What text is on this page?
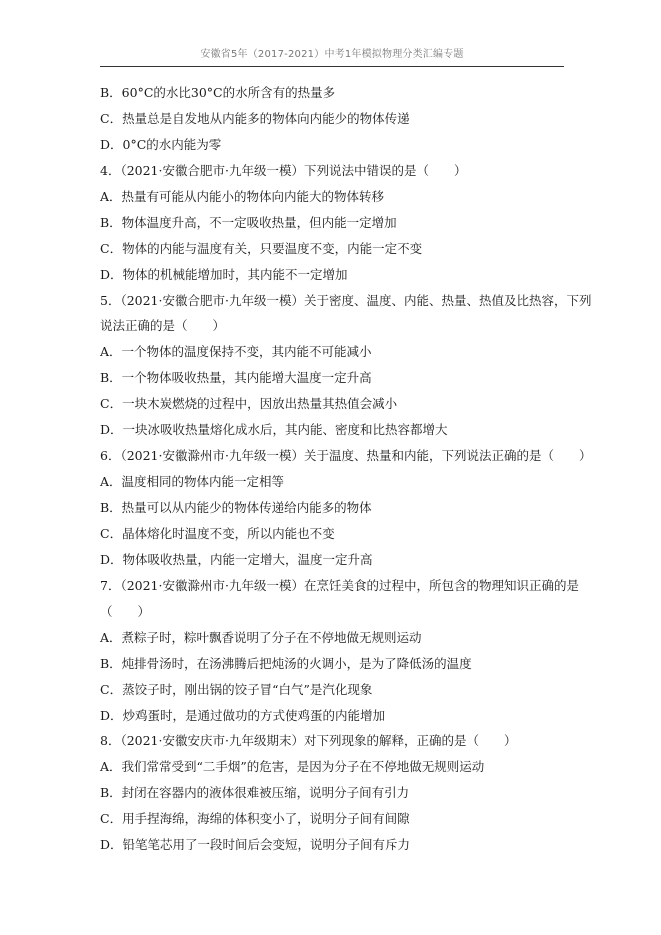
安徽省5年（2017-2021）中考1年模拟物理分类汇编专题
B．60°C的水比30°C的水所含有的热量多
C．热量总是自发地从内能多的物体向内能少的物体传递
D．0°C的水内能为零
4．（2021·安徽合肥市·九年级一模）下列说法中错误的是（　　）
A．热量有可能从内能小的物体向内能大的物体转移
B．物体温度升高，不一定吸收热量，但内能一定增加
C．物体的内能与温度有关，只要温度不变，内能一定不变
D．物体的机械能增加时，其内能不一定增加
5．（2021·安徽合肥市·九年级一模）关于密度、温度、内能、热量、热值及比热容，下列
说法正确的是（　　）
A．一个物体的温度保持不变，其内能不可能减小
B．一个物体吸收热量，其内能增大温度一定升高
C．一块木炭燃烧的过程中，因放出热量其热值会减小
D．一块冰吸收热量熔化成水后，其内能、密度和比热容都增大
6．（2021·安徽滁州市·九年级一模）关于温度、热量和内能，下列说法正确的是（　　）
A．温度相同的物体内能一定相等
B．热量可以从内能少的物体传递给内能多的物体
C．晶体熔化时温度不变，所以内能也不变
D．物体吸收热量，内能一定增大，温度一定升高
7．（2021·安徽滁州市·九年级一模）在烹饪美食的过程中，所包含的物理知识正确的是
（　　）
A．煮粽子时，粽叶飘香说明了分子在不停地做无规则运动
B．炖排骨汤时，在汤沸腾后把炖汤的火调小，是为了降低汤的温度
C．蒸饺子时，刚出锅的饺子冒“白气”是汽化现象
D．炒鸡蛋时，是通过做功的方式使鸡蛋的内能增加
8．（2021·安徽安庆市·九年级期末）对下列现象的解释，正确的是（　　）
A．我们常常受到“二手烟”的危害，是因为分子在不停地做无规则运动
B．封闭在容器内的液体很难被压缩，说明分子间有引力
C．用手捏海绵，海绵的体积变小了，说明分子间有间隙
D．铅笔笔芯用了一段时间后会变短，说明分子间有斥力
